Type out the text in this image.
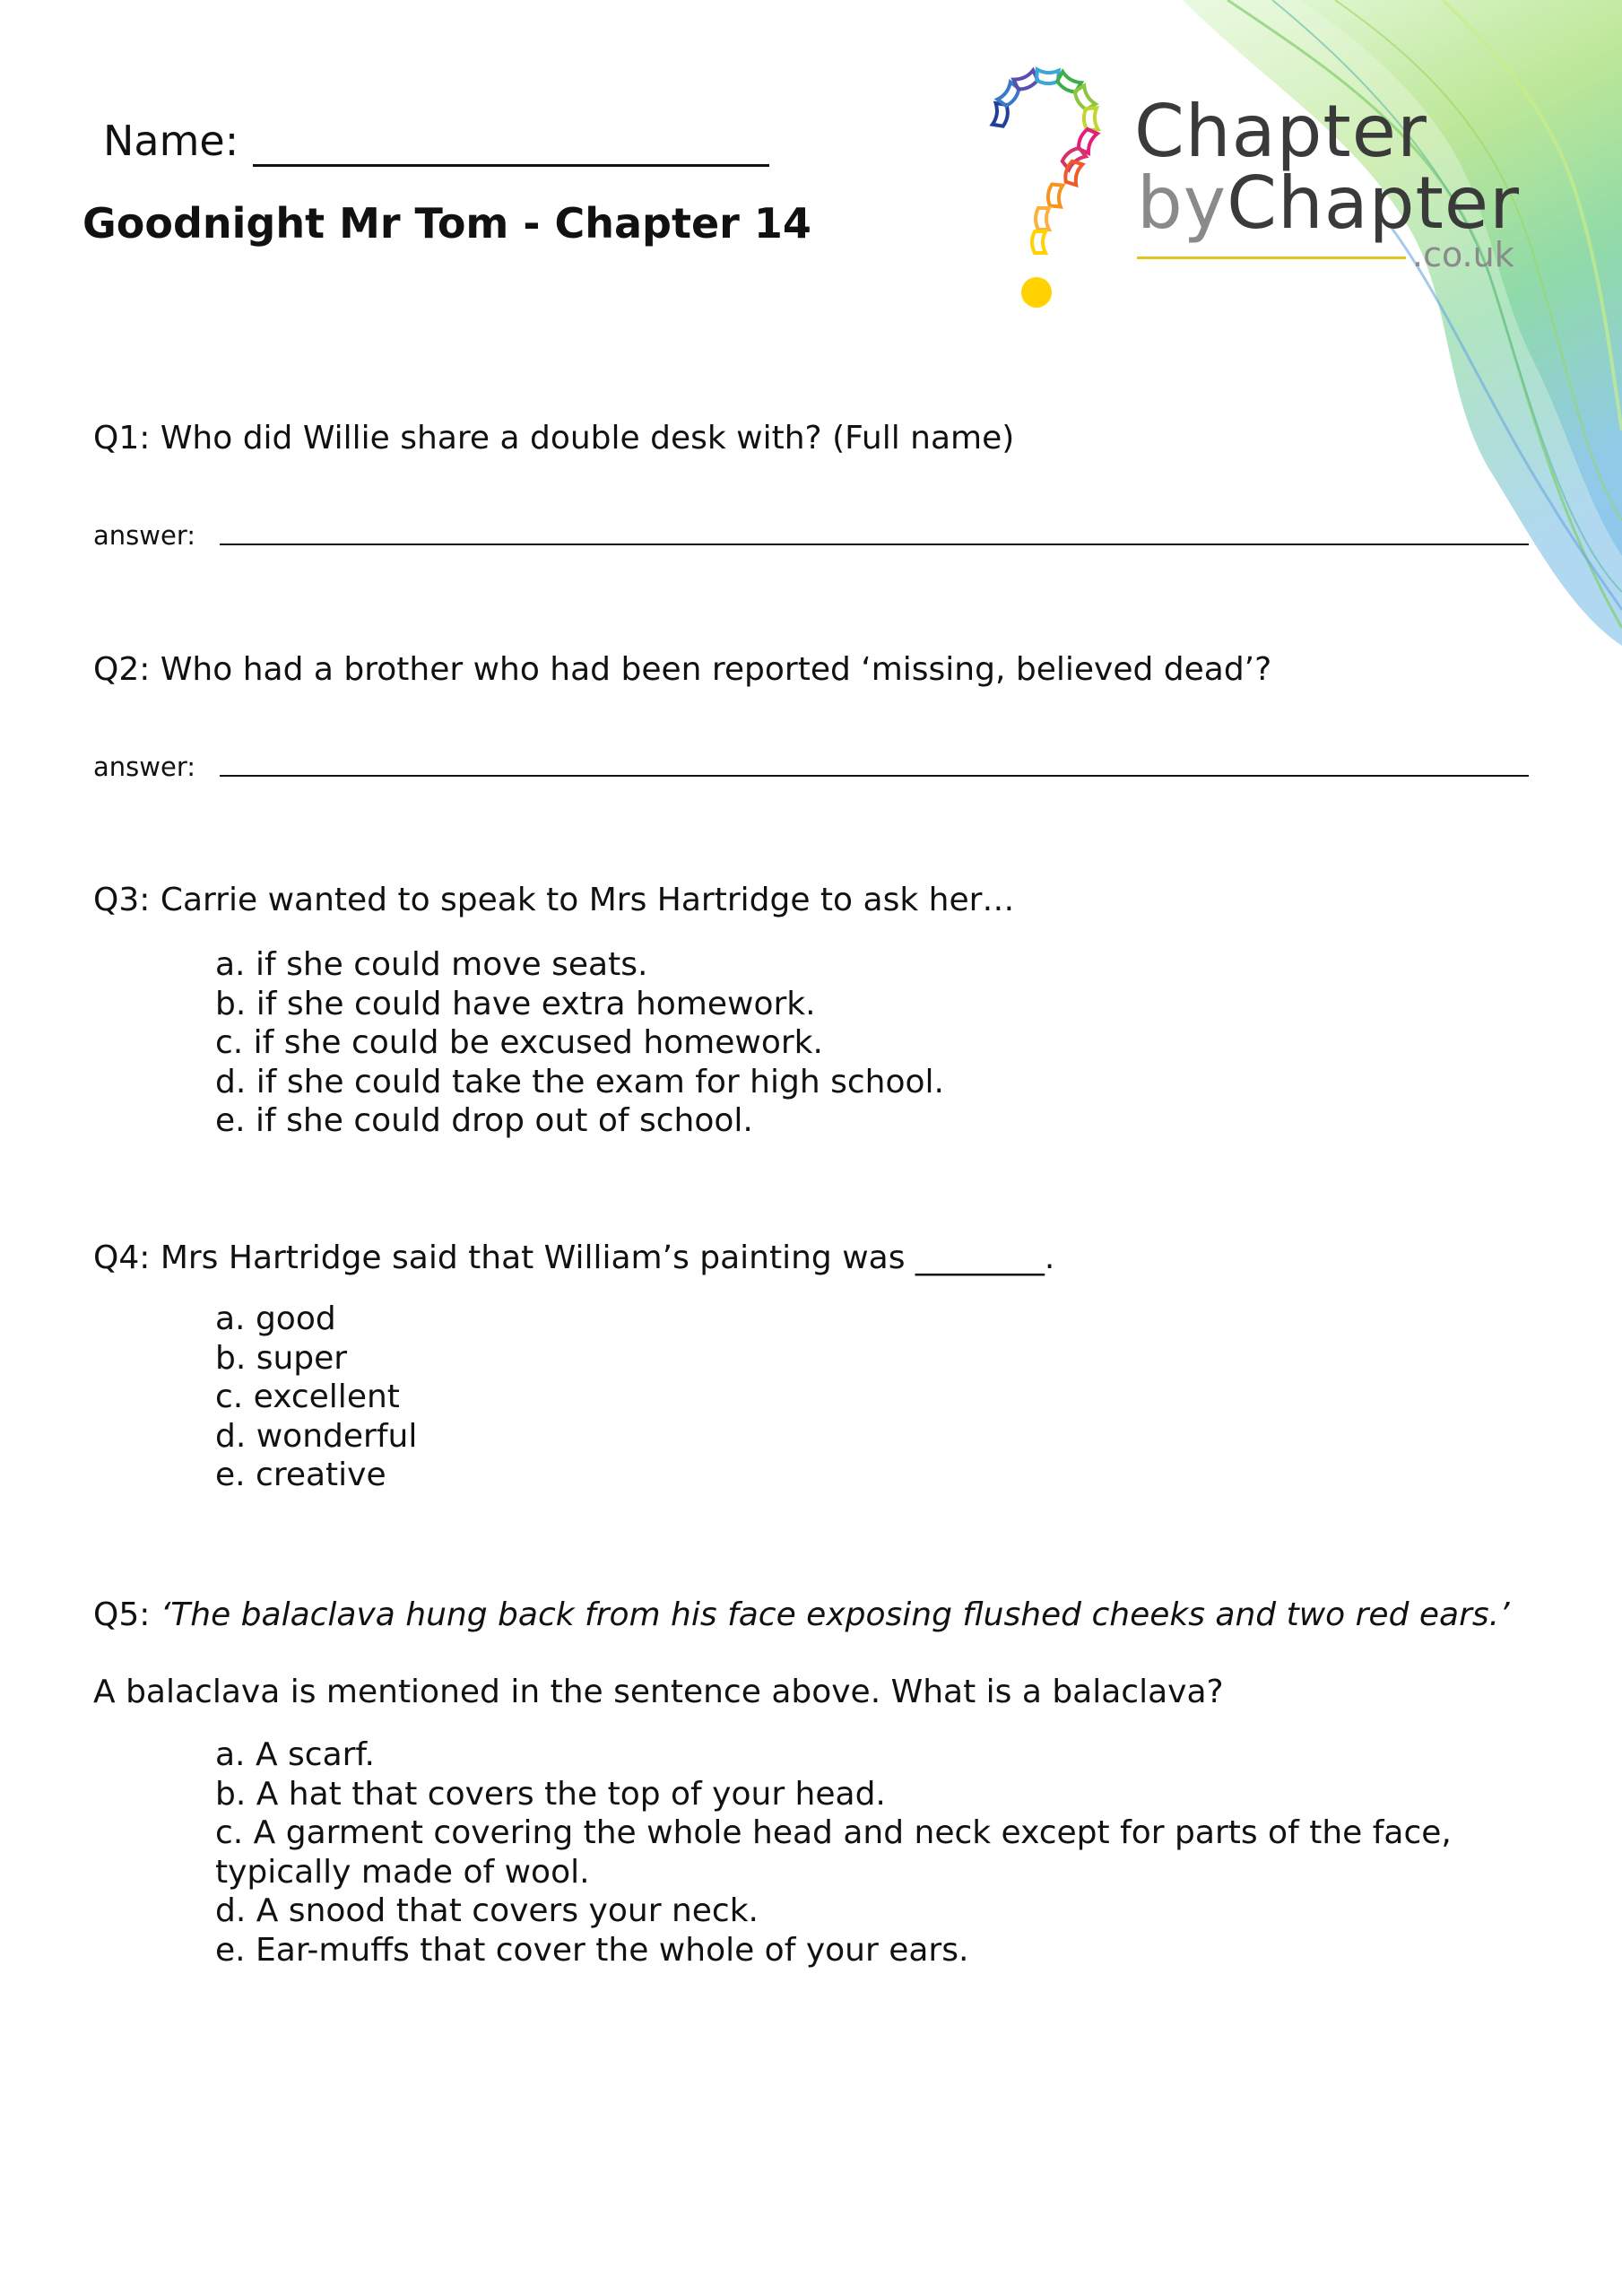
Name:
Goodnight Mr Tom - Chapter 14
Chapter
byChapter
.co.uk
Q1: Who did Willie share a double desk with? (Full name)
answer:
Q2: Who had a brother who had been reported ‘missing, believed dead’?
answer:
Q3: Carrie wanted to speak to Mrs Hartridge to ask her…
a. if she could move seats.
b. if she could have extra homework.
c. if she could be excused homework.
d. if she could take the exam for high school.
e. if she could drop out of school.
Q4: Mrs Hartridge said that William’s painting was ________.
a. good
b. super
c. excellent
d. wonderful
e. creative
Q5: ‘The balaclava hung back from his face exposing flushed cheeks and two red ears.’
A balaclava is mentioned in the sentence above. What is a balaclava?
a. A scarf.
b. A hat that covers the top of your head.
c. A garment covering the whole head and neck except for parts of the face, typically made of wool.
d. A snood that covers your neck.
e. Ear-muffs that cover the whole of your ears.
